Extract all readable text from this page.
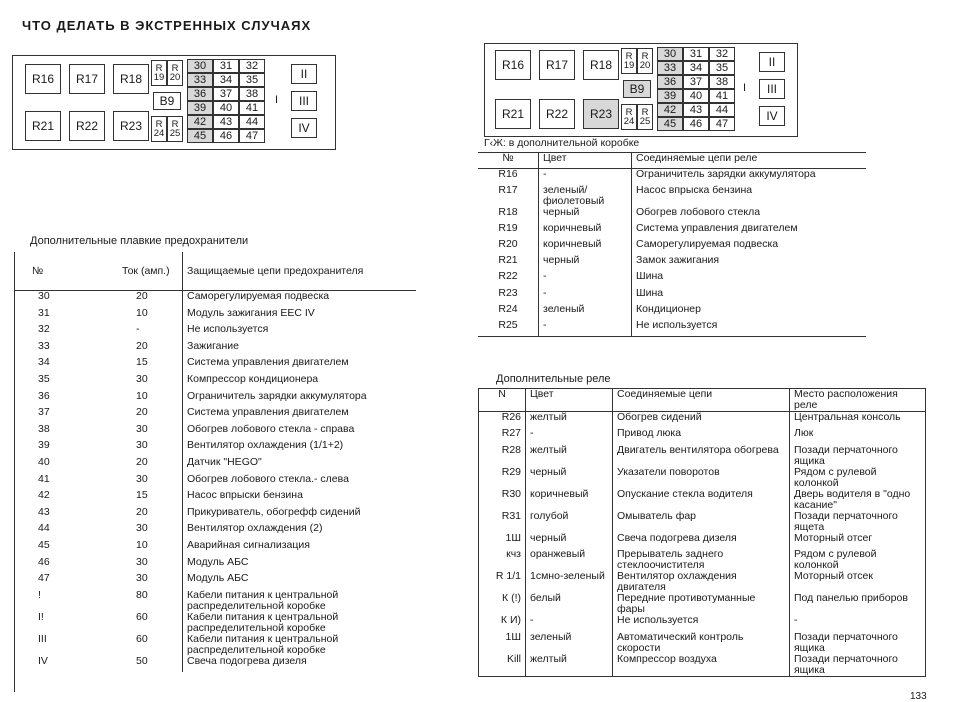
ЧТО ДЕЛАТЬ В ЭКСТРЕННЫХ СЛУЧАЯХ
R16	R17	R18
R21	R22	R23
R
19
R
20
B9
R
24
R
25
30	31	32
33	34	35
36	37	38
39	40	41
42	43	44
45	46	47
I
II
III
IV
R16	R17	R18
R21	R22	R23
R
19
R
20
B9
R
24
R
25
30	31	32
33	34	35
36	37	38
39	40	41
42	43	44
45	46	47
I
II
III
IV
Г‹Ж: в дополнительной коробке
Дополнительные плавкие предохранители
№	Ток (амп.)	Защищаемые цепи предохранителя
30	20	Саморегулируемая подвеска
31	10	Модуль зажигания ЕЕС IV
32	-	Не используется
33	20	Зажигание
34	15	Система управления двигателем
35	30	Компрессор кондиционера
36	10	Ограничитель зарядки аккумулятора
37	20	Система управления двигателем
38	30	Обогрев лобового стекла - справа
39	30	Вентилятор охлаждения (1/1+2)
40	20	Датчик "HEGO"
41	30	Обогрев лобового стекла.- слева
42	15	Насос впрыски бензина
43	20	Прикуриватель, обогрефф сидений
44	30	Вентилятор охлаждения (2)
45	10	Аварийная сигнализация
46	30	Модуль АБС
47	30	Модуль АБС
!	80	Кабели питания к центральной распределительной коробке
I!	60	Кабели питания к центральной распределительной коробке
III	60	Кабели питания к центральной распределительной коробке
IV	50	Свеча подогрева дизеля
№	Цвет	Соединяемые цепи реле
R16	-	Ограничитель зарядки аккумулятора
R17	зеленый/ фиолетовый	Насос впрыска бензина
R18	черный	Обогрев лобового стекла
R19	коричневый	Система управления двигателем
R20	коричневый	Саморегулируемая подвеска
R21	черный	Замок зажигания
R22	-	Шина
R23	-	Шина
R24	зеленый	Кондиционер
R25	-	Не используется
Дополнительные реле
N	Цвет	Соединяемые цепи	Место расположения реле
R26	желтый	Обогрев сидений	Центральная консоль
R27	-	Привод люка	Люк
R28	желтый	Двигатель вентилятора обогрева	Позади перчаточного ящика
R29	черный	Указатели поворотов	Рядом с рулевой колонкой
R30	коричневый	Опускание стекла водителя	Дверь водителя в "одно касание"
R31	голубой	Омыватель фар	Позади перчаточного ящета
1Ш	черный	Свеча подогрева дизеля	Моторный отсег
кчз	оранжевый	Прерыватель заднего стеклоочистителя	Рядом с рулевой колонкой
R 1/1	1смно-зеленый	Вентилятор охлаждения двигателя	Моторный отсек
К (!)	белый	Передние противотуманные фары	Под панелью приборов
К И)	-	Не используется	-
1Ш	зеленый	Автоматический контроль скорости	Позади перчаточного ящика
Kill	желтый	Компрессор воздуха	Позади перчаточного ящика
133
